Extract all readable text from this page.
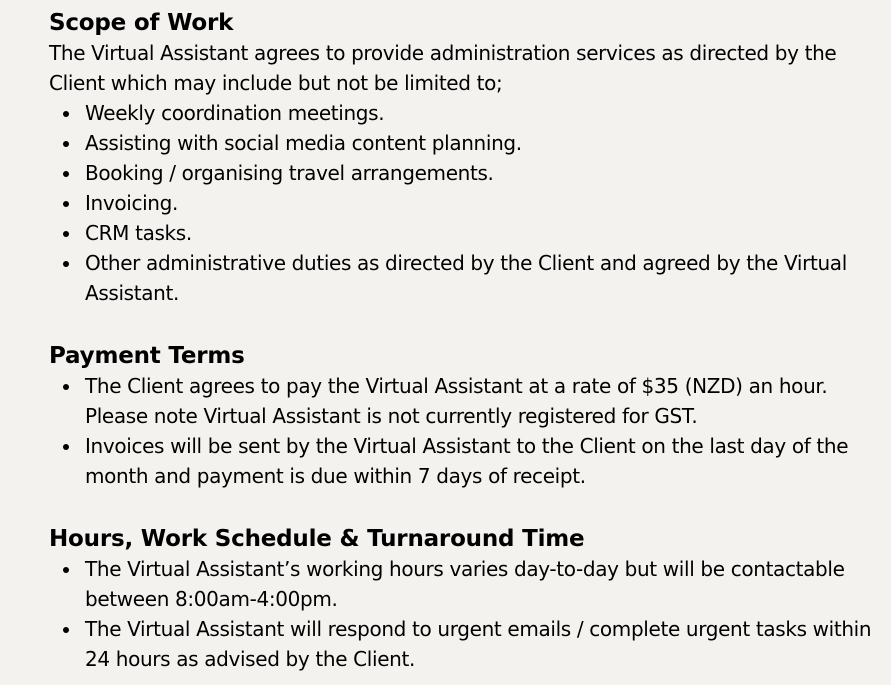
Scope of Work

The Virtual Assistant agrees to provide administration services as directed by the Client which may include but not be limited to;

Weekly coordination meetings.
Assisting with social media content planning.
Booking / organising travel arrangements.
Invoicing.
CRM tasks.
Other administrative duties as directed by the Client and agreed by the Virtual Assistant.
Payment Terms
The Client agrees to pay the Virtual Assistant at a rate of $35 (NZD) an hour. Please note Virtual Assistant is not currently registered for GST.
Invoices will be sent by the Virtual Assistant to the Client on the last day of the month and payment is due within 7 days of receipt.
Hours, Work Schedule & Turnaround Time
The Virtual Assistant’s working hours varies day-to-day but will be contactable between 8:00am-4:00pm.
The Virtual Assistant will respond to urgent emails / complete urgent tasks within 24 hours as advised by the Client.
